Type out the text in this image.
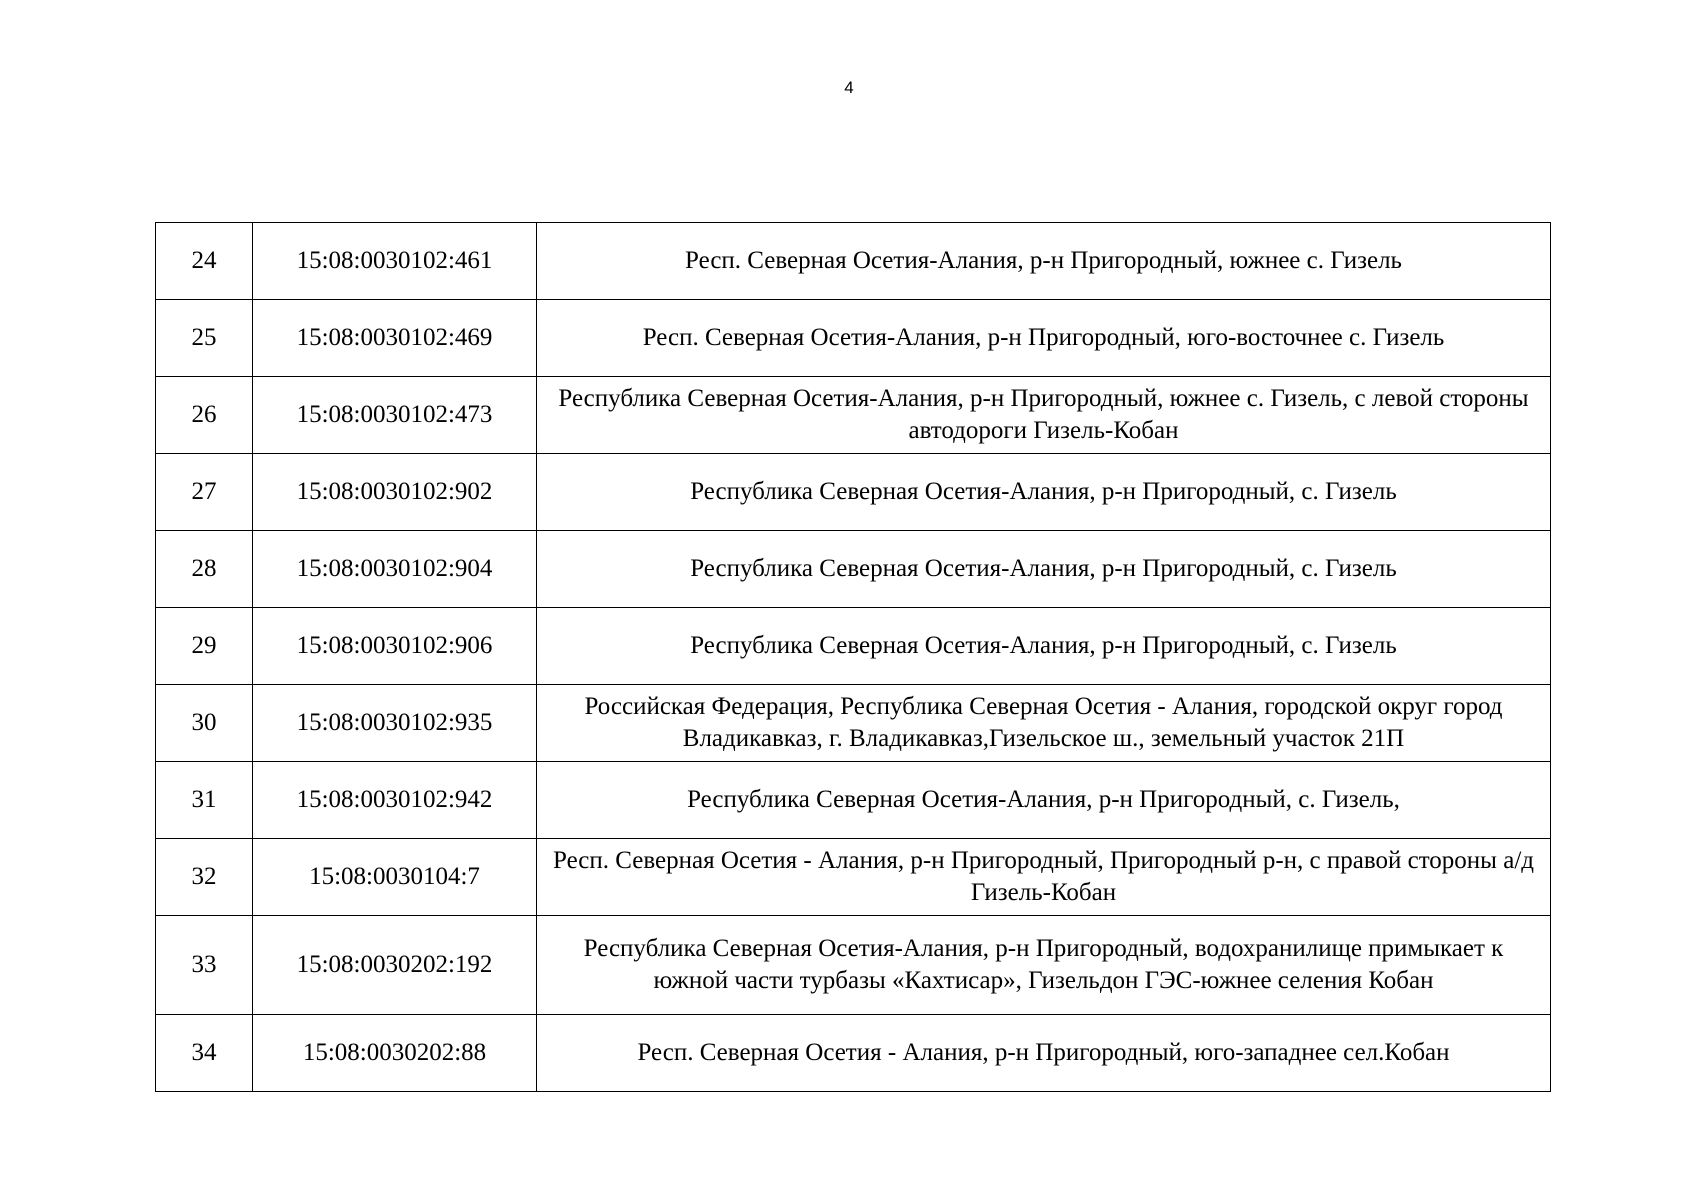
4
24	15:08:0030102:461	Респ. Северная Осетия-Алания, р-н Пригородный, южнее с. Гизель
25	15:08:0030102:469	Респ. Северная Осетия-Алания, р-н Пригородный, юго-восточнее с. Гизель
26	15:08:0030102:473	Республика Северная Осетия-Алания, р-н Пригородный, южнее с. Гизель, с левой стороны автодороги Гизель-Кобан
27	15:08:0030102:902	Республика Северная Осетия-Алания, р-н Пригородный, с. Гизель
28	15:08:0030102:904	Республика Северная Осетия-Алания, р-н Пригородный, с. Гизель
29	15:08:0030102:906	Республика Северная Осетия-Алания, р-н Пригородный, с. Гизель
30	15:08:0030102:935	Российская Федерация, Республика Северная Осетия - Алания, городской округ город Владикавказ, г. Владикавказ,Гизельское ш., земельный участок 21П
31	15:08:0030102:942	Республика Северная Осетия-Алания, р-н Пригородный, с. Гизель,
32	15:08:0030104:7	Респ. Северная Осетия - Алания, р-н Пригородный, Пригородный р-н, с правой стороны а/д Гизель-Кобан
33	15:08:0030202:192	Республика Северная Осетия-Алания, р-н Пригородный, водохранилище примыкает к южной части турбазы «Кахтисар», Гизельдон ГЭС-южнее селения Кобан
34	15:08:0030202:88	Респ. Северная Осетия - Алания, р-н Пригородный, юго-западнее сел.Кобан
